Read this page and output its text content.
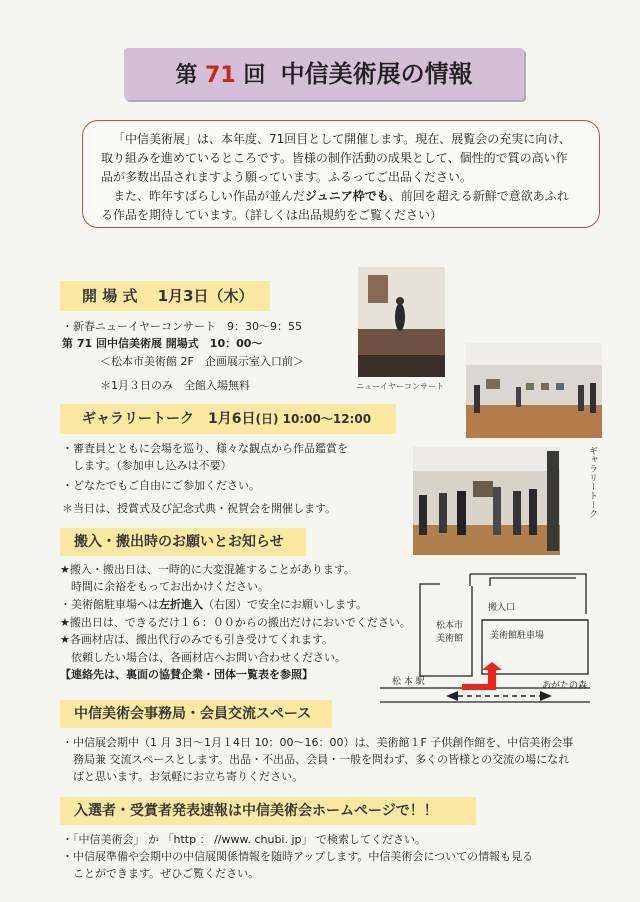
第 71 回 中信美術展の情報

「中信美術展」は、本年度、71回目として開催します。現在、展覧会の充実に向け、

取り組みを進めているところです。皆様の制作活動の成果として、個性的で質の高い作

品が多数出品されますよう願っています。ふるってご出品ください。

また、昨年すばらしい作品が並んだジュニア枠でも、前回を超える新鮮で意欲あふれ

る作品を期待しています。（詳しくは出品規約をご覧ください）

開 場 式　 1月3日（木）
・新春ニューイヤーコンサート　9：30～9：55
第 71 回中信美術展 開場式　10：00～
＜松本市美術館 2F　企画展示室入口前＞
＊1月３日のみ　全館入場無料	ニューイヤーコンサート
ギャラリートーク　1月6日(日) 10:00～12:00
・審査員とともに会場を巡り、様々な観点から作品鑑賞を
　します。（参加申し込みは不要）
・どなたでもご自由にご参加ください。
＊当日は、授賞式及び記念式典・祝賀会を開催します。	ギャラリートーク
搬入・搬出時のお願いとお知らせ
★搬入・搬出日は、一時的に大変混雑することがあります。
　時間に余裕をもってお出かけください。
・美術館駐車場へは左折進入（右図）で安全にお願いします。
★搬出日は、できるだけ１６：００からの搬出だけにおいでください。
★各画材店は、搬出代行のみでも引き受けてくれます。
　依頼したい場合は、各画材店へお問い合わせください。
【連絡先は、裏面の協賛企業・団体一覧表を参照】
搬入口
松本市
美術館	美術館駐車場
松 本 駅	あがたの森
中信美術会事務局・会員交流スペース
・中信展会期中（1 月 3日～1月１4日 10：00～16：00）は、美術館１F 子供創作館を、中信美術会事
　務局兼 交流スペースとします。出品・不出品、会員・一般を問わず、多くの皆様との交流の場になれ
　ばと思います。お気軽にお立ち寄りください。
入選者・受賞者発表速報は中信美術会ホームページで！！
・「中信美術会」 か 「http ： //www. chubi. jp」 で検索してください。
・中信展準備や会期中の中信展関係情報を随時アップします。中信美術会についての情報も見る
　ことができます。ぜひご覧ください。
